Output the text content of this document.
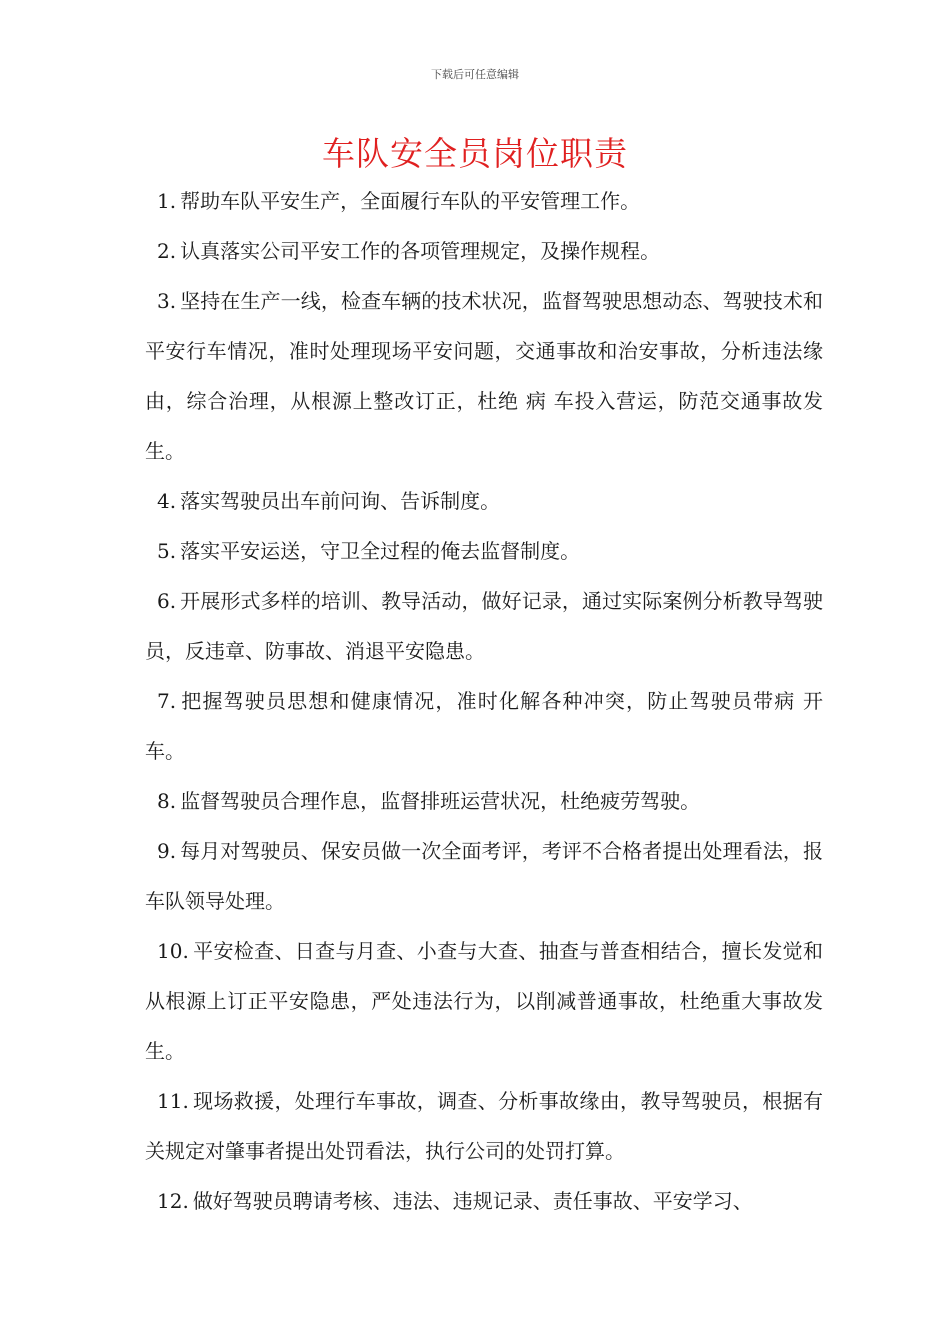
下载后可任意编辑
车队安全员岗位职责

1. 帮助车队平安生产，全面履行车队的平安管理工作。

2. 认真落实公司平安工作的各项管理规定，及操作规程。

3. 坚持在生产一线，检查车辆的技术状况，监督驾驶思想动态、驾驶技术和平安行车情况，准时处理现场平安问题，交通事故和治安事故，分析违法缘由，综合治理，从根源上整改订正，杜绝 病 车投入营运，防范交通事故发生。

4. 落实驾驶员出车前问询、告诉制度。

5. 落实平安运送，守卫全过程的俺去监督制度。

6. 开展形式多样的培训、教导活动，做好记录，通过实际案例分析教导驾驶员，反违章、防事故、消退平安隐患。

7. 把握驾驶员思想和健康情况，准时化解各种冲突，防止驾驶员带病 开车。

8. 监督驾驶员合理作息，监督排班运营状况，杜绝疲劳驾驶。

9. 每月对驾驶员、保安员做一次全面考评，考评不合格者提出处理看法，报车队领导处理。

10. 平安检查、日查与月查、小查与大查、抽查与普查相结合，擅长发觉和从根源上订正平安隐患，严处违法行为，以削减普通事故，杜绝重大事故发生。

11. 现场救援，处理行车事故，调查、分析事故缘由，教导驾驶员，根据有关规定对肇事者提出处罚看法，执行公司的处罚打算。

12. 做好驾驶员聘请考核、违法、违规记录、责任事故、平安学习、
